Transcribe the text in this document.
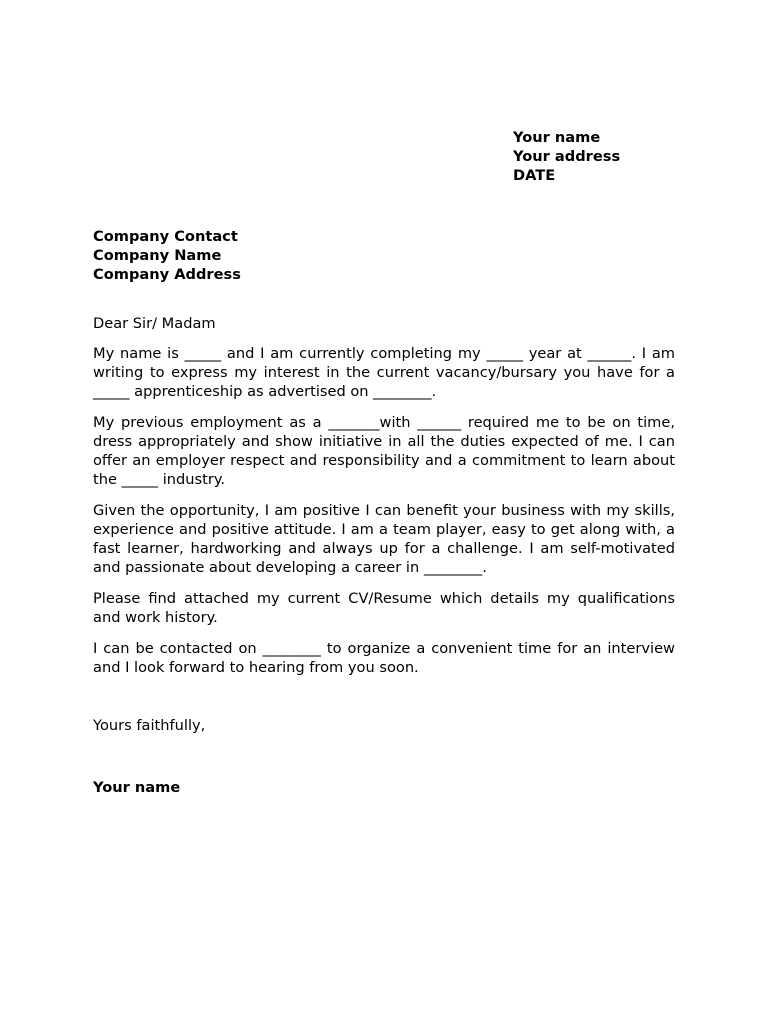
Your name
Your address
DATE
Company Contact
Company Name
Company Address

Dear Sir/ Madam

My name is _____ and I am currently completing my _____ year at ______. I am writing to express my interest in the current vacancy/bursary you have for a _____ apprenticeship as advertised on ________.

My previous employment as a _______with ______ required me to be on time, dress appropriately and show initiative in all the duties expected of me. I can offer an employer respect and responsibility and a commitment to learn about the _____ industry.

Given the opportunity, I am positive I can benefit your business with my skills, experience and positive attitude. I am a team player, easy to get along with, a fast learner, hardworking and always up for a challenge. I am self-motivated and passionate about developing a career in ________.

Please find attached my current CV/Resume which details my qualifications and work history.

I can be contacted on ________ to organize a convenient time for an interview and I look forward to hearing from you soon.

Yours faithfully,
Your name
